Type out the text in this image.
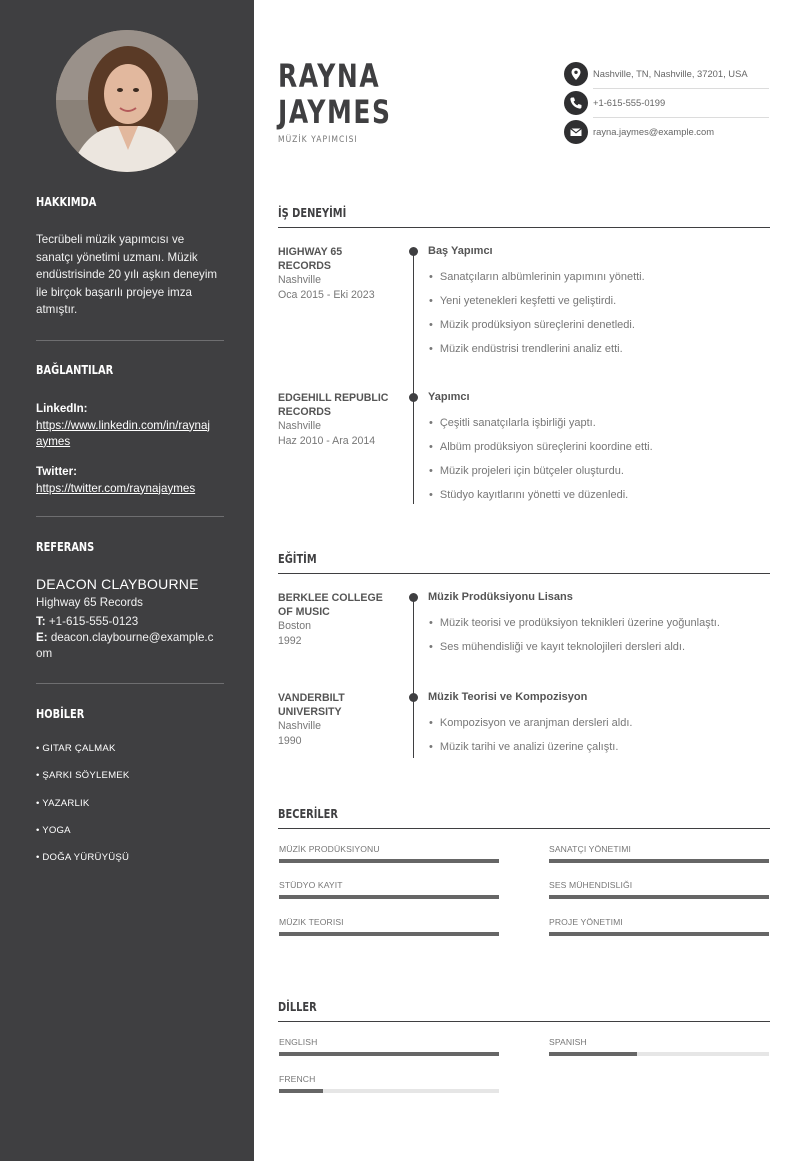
HAKKIMDA
Tecrübeli müzik yapımcısı ve sanatçı yönetimi uzmanı. Müzik endüstrisinde 20 yılı aşkın deneyim ile birçok başarılı projeye imza atmıştır.
BAĞLANTILAR
LinkedIn:
https://www.linkedin.com/in/raynajaymes
Twitter:
https://twitter.com/raynajaymes
REFERANS
DEACON CLAYBOURNE
Highway 65 Records
T: +1-615-555-0123
E: deacon.claybourne@example.com
HOBİLER
• GITAR ÇALMAK
• ŞARKI SÖYLEMEK
• YAZARLIK
• YOGA
• DOĞA YÜRÜYÜŞÜ
RAYNA
JAYMES
MÜZİK YAPIMCISI
Nashville, TN, Nashville, 37201, USA
+1-615-555-0199
rayna.jaymes@example.com
İŞ DENEYİMİ
HIGHWAY 65 RECORDS
Nashville
Oca 2015 - Eki 2023
Baş Yapımcı
• Sanatçıların albümlerinin yapımını yönetti.
• Yeni yetenekleri keşfetti ve geliştirdi.
• Müzik prodüksiyon süreçlerini denetledi.
• Müzik endüstrisi trendlerini analiz etti.
EDGEHILL REPUBLIC RECORDS
Nashville
Haz 2010 - Ara 2014
Yapımcı
• Çeşitli sanatçılarla işbirliği yaptı.
• Albüm prodüksiyon süreçlerini koordine etti.
• Müzik projeleri için bütçeler oluşturdu.
• Stüdyo kayıtlarını yönetti ve düzenledi.
EĞİTİM
BERKLEE COLLEGE OF MUSIC
Boston
1992
Müzik Prodüksiyonu Lisans
• Müzik teorisi ve prodüksiyon teknikleri üzerine yoğunlaştı.
• Ses mühendisliği ve kayıt teknolojileri dersleri aldı.
VANDERBILT UNIVERSITY
Nashville
1990
Müzik Teorisi ve Kompozisyon
• Kompozisyon ve aranjman dersleri aldı.
• Müzik tarihi ve analizi üzerine çalıştı.
BECERİLER
MÜZİK PRODÜKSIYONU	SANATÇI YÖNETIMI
STÜDYO KAYIT	SES MÜHENDISLIĞI
MÜZIK TEORISI	PROJE YÖNETIMI
DİLLER
ENGLISH	SPANISH
FRENCH
